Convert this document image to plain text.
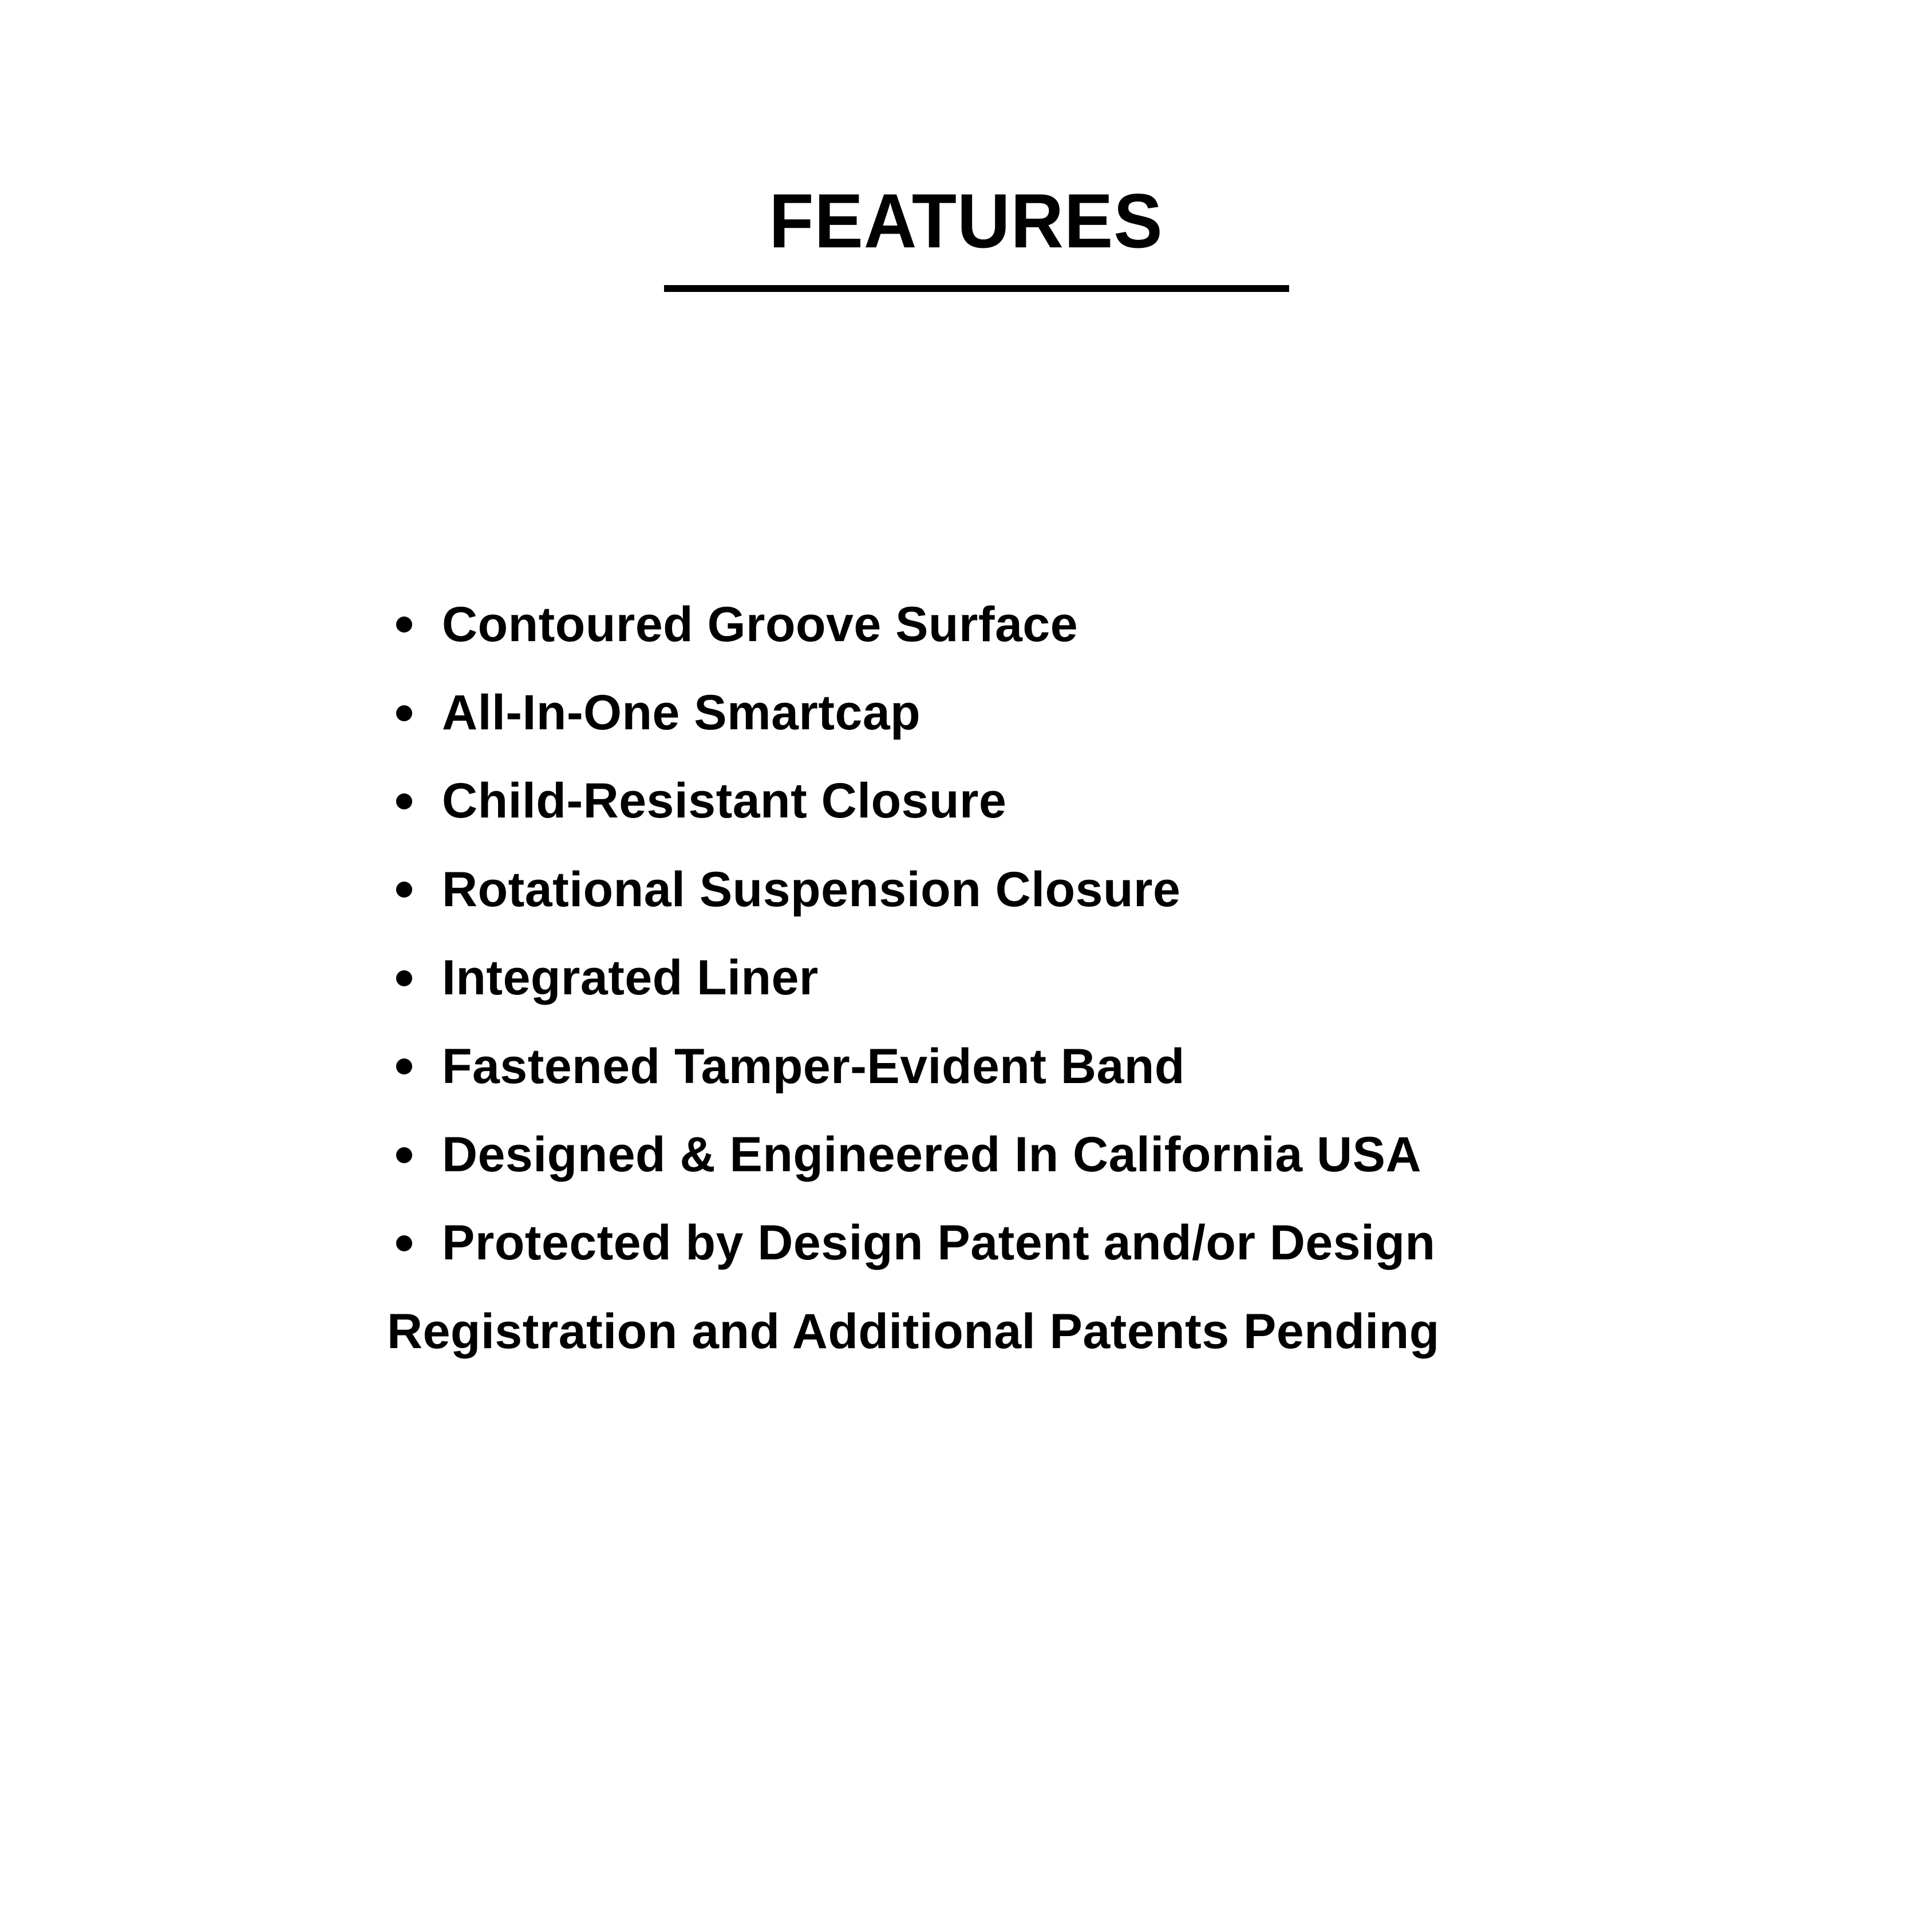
FEATURES
Contoured Groove Surface
All-In-One Smartcap
Child-Resistant Closure
Rotational Suspension Closure
Integrated Liner
Fastened Tamper-Evident Band
Designed & Engineered In California USA
Protected by Design Patent and/or Design
Registration and Additional Patents Pending
